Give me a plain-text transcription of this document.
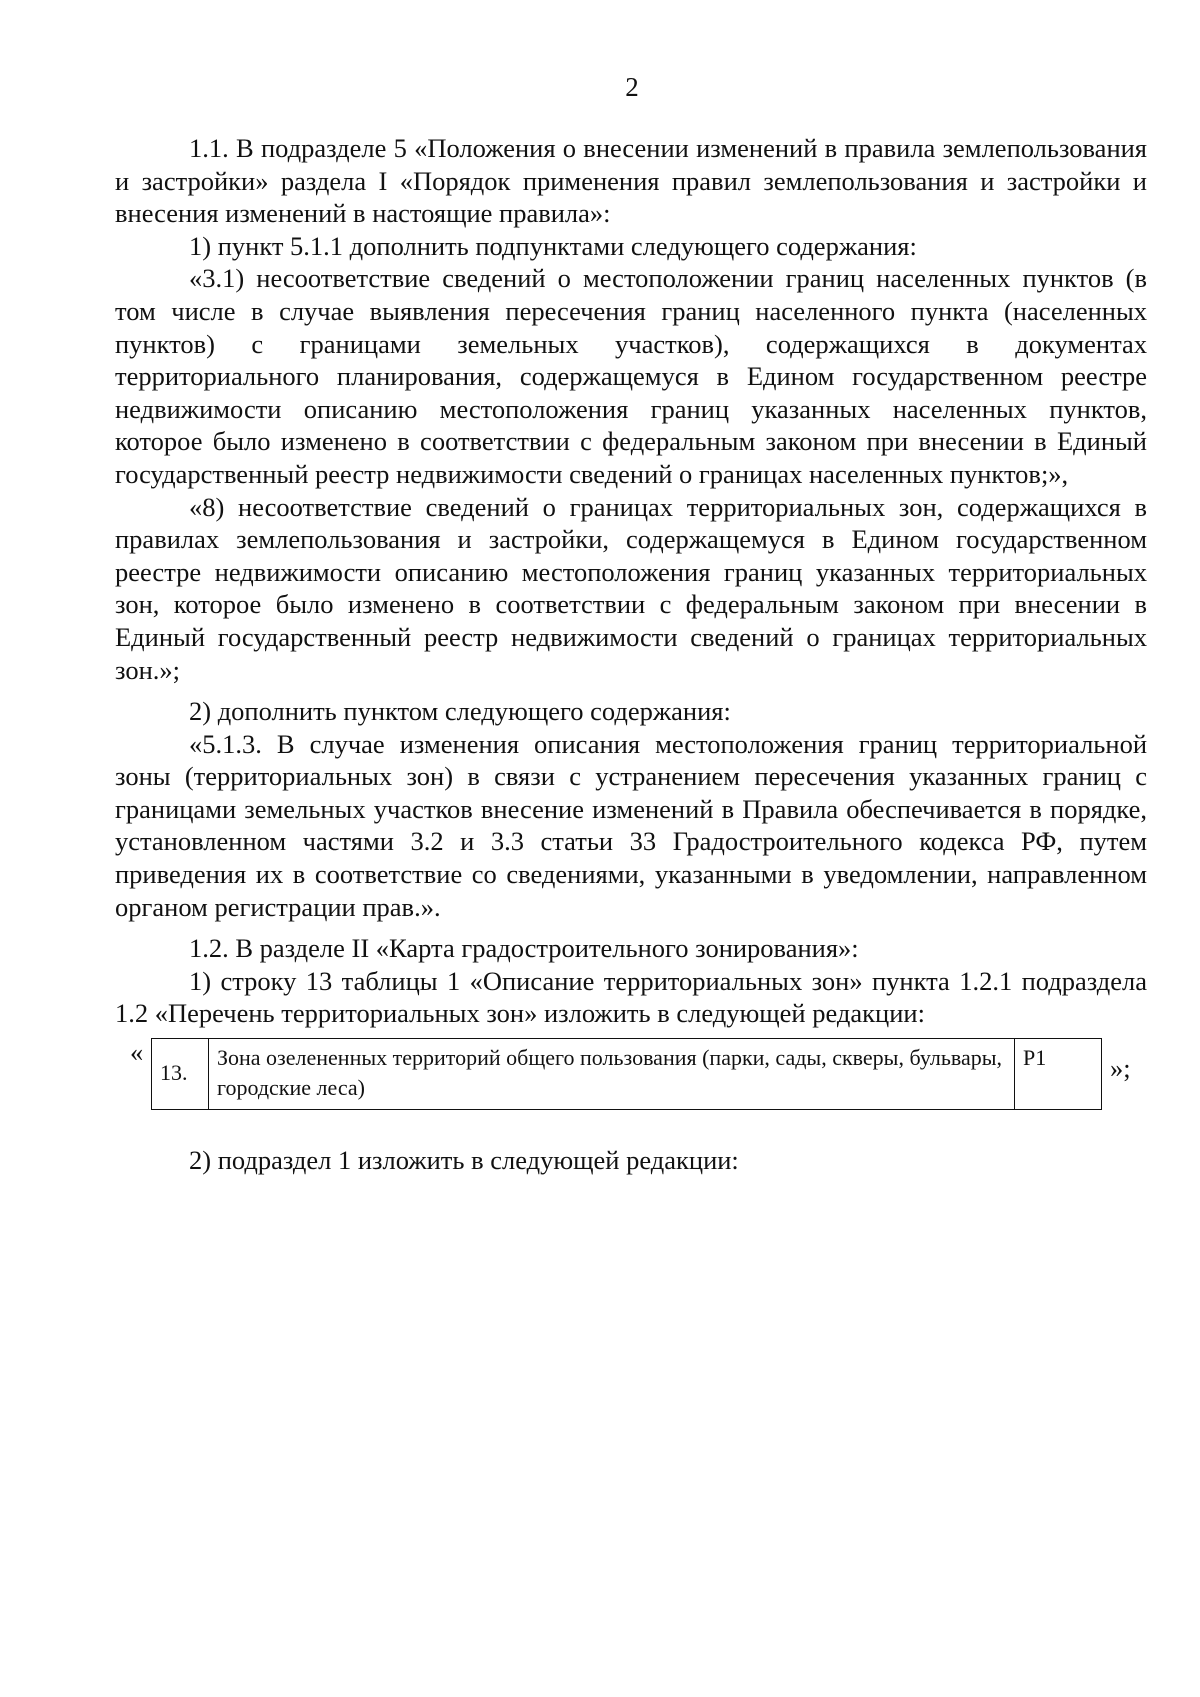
2

1.1. В подразделе 5 «Положения о внесении изменений в правила землепользования и застройки» раздела I «Порядок применения правил землепользования и застройки и внесения изменений в настоящие правила»:

1) пункт 5.1.1 дополнить подпунктами следующего содержания:

«3.1) несоответствие сведений о местоположении границ населенных пунктов (в том числе в случае выявления пересечения границ населенного пункта (населенных пунктов) с границами земельных участков), содержащихся в документах территориального планирования, содержащемуся в Едином государственном реестре недвижимости описанию местоположения границ указанных населенных пунктов, которое было изменено в соответствии с федеральным законом при внесении в Единый государственный реестр недвижимости сведений о границах населенных пунктов;»,

«8) несоответствие сведений о границах территориальных зон, содержащихся в правилах землепользования и застройки, содержащемуся в Едином государственном реестре недвижимости описанию местоположения границ указанных территориальных зон, которое было изменено в соответствии с федеральным законом при внесении в Единый государственный реестр недвижимости сведений о границах территориальных зон.»;

2) дополнить пунктом следующего содержания:

«5.1.3. В случае изменения описания местоположения границ территориальной зоны (территориальных зон) в связи с устранением пересечения указанных границ с границами земельных участков внесение изменений в Правила обеспечивается в порядке, установленном частями 3.2 и 3.3 статьи 33 Градостроительного кодекса РФ, путем приведения их в соответствие со сведениями, указанными в уведомлении, направленном органом регистрации прав.».

1.2. В разделе II «Карта градостроительного зонирования»:

1) строку 13 таблицы 1 «Описание территориальных зон» пункта 1.2.1 подраздела 1.2 «Перечень территориальных зон» изложить в следующей редакции:

«
13.	Зона озелененных территорий общего пользования (парки, сады, скверы, бульвары, городские леса)	Р1 »;

2) подраздел 1 изложить в следующей редакции:
